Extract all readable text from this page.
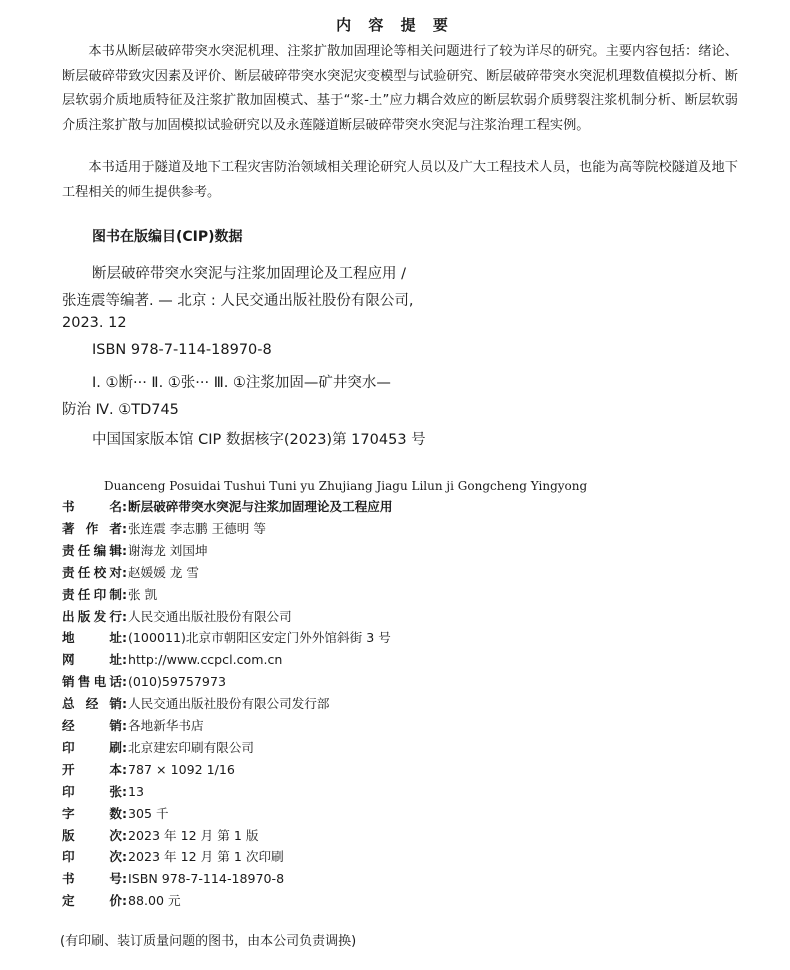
内 容 提 要

本书从断层破碎带突水突泥机理、注浆扩散加固理论等相关问题进行了较为详尽的研究。主要内容包括：绪论、断层破碎带致灾因素及评价、断层破碎带突水突泥灾变模型与试验研究、断层破碎带突水突泥机理数值模拟分析、断层软弱介质地质特征及注浆扩散加固模式、基于“浆-土”应力耦合效应的断层软弱介质劈裂注浆机制分析、断层软弱介质注浆扩散与加固模拟试验研究以及永莲隧道断层破碎带突水突泥与注浆治理工程实例。

本书适用于隧道及地下工程灾害防治领域相关理论研究人员以及广大工程技术人员，也能为高等院校隧道及地下工程相关的师生提供参考。

图书在版编目(CIP)数据
断层破碎带突水突泥与注浆加固理论及工程应用 /
张连震等编著. — 北京 : 人民交通出版社股份有限公司,
2023. 12
ISBN 978-7-114-18970-8
Ⅰ. ①断··· Ⅱ. ①张··· Ⅲ. ①注浆加固—矿井突水—
防治 Ⅳ. ①TD745
中国国家版本馆 CIP 数据核字(2023)第 170453 号
Duanceng Posuidai Tushui Tuni yu Zhujiang Jiagu Lilun ji Gongcheng Yingyong
书名:断层破碎带突水突泥与注浆加固理论及工程应用
著作者:张连震 李志鹏 王德明 等
责任编辑:谢海龙 刘国坤
责任校对:赵媛媛 龙 雪
责任印制:张 凯
出版发行:人民交通出版社股份有限公司
地址:(100011)北京市朝阳区安定门外外馆斜街 3 号
网址:http://www.ccpcl.com.cn
销售电话:(010)59757973
总经销:人民交通出版社股份有限公司发行部
经销:各地新华书店
印刷:北京建宏印刷有限公司
开本:787 × 1092 1/16
印张:13
字数:305 千
版次:2023 年 12 月 第 1 版
印次:2023 年 12 月 第 1 次印刷
书号:ISBN 978-7-114-18970-8
定价:88.00 元
(有印刷、装订质量问题的图书，由本公司负责调换)
